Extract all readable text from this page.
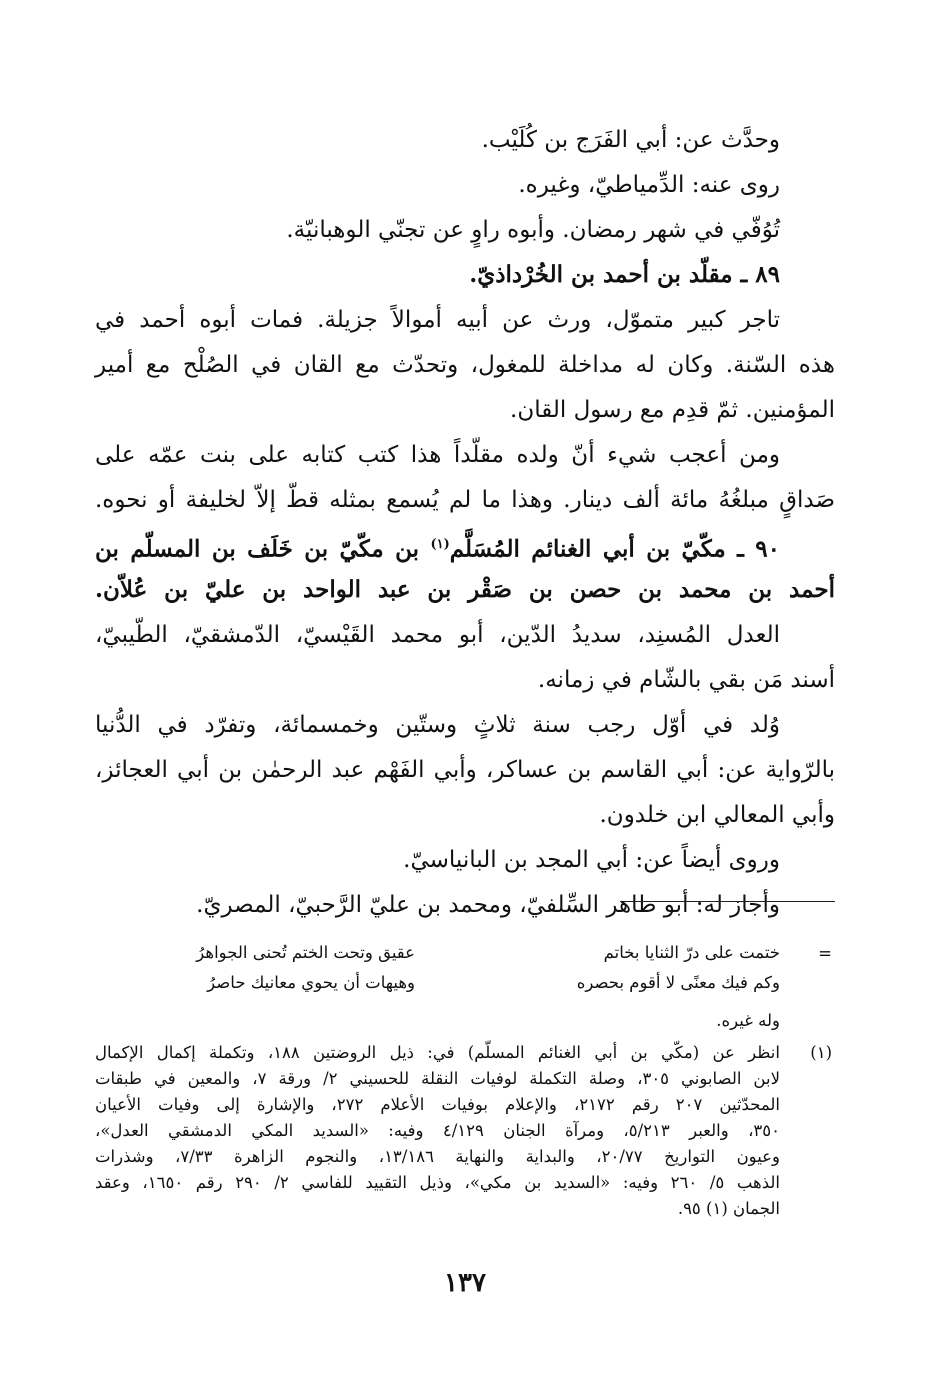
وحدَّث عن: أبي الفَرَج بن كُلَيْب.
روى عنه: الدِّمياطيّ، وغيره.
تُوُفّي في شهر رمضان. وأبوه راوٍ عن تجنّي الوهبانيّة.
٨٩ ـ مقلّد بن أحمد بن الخُرْداذيّ.
تاجر كبير متموّل، ورث عن أبيه أموالاً جزيلة. فمات أبوه أحمد في
هذه السّنة. وكان له مداخلة للمغول، وتحدّث مع القان في الصُلْح مع أمير
المؤمنين. ثمّ قدِم مع رسول القان.
ومن أعجب شيء أنّ ولده مقلّداً هذا كتب كتابه على بنت عمّه على
صَداقٍ مبلغُهُ مائة ألف دينار. وهذا ما لم يُسمع بمثله قطّ إلاّ لخليفة أو نحوه.
٩٠ ـ مكّيّ بن أبي الغنائم المُسَلَّم$^{(١)}$ بن مكّيّ بن خَلَف بن المسلّم بن
أحمد بن محمد بن حصن بن صَقْر بن عبد الواحد بن عليّ بن عُلاّن.
العدل المُسنِد، سديدُ الدّين، أبو محمد القَيْسيّ، الدّمشقيّ، الطّيبيّ،
أسند مَن بقي بالشّام في زمانه.
وُلد في أوّل رجب سنة ثلاثٍ وستّين وخمسمائة، وتفرّد في الدُّنيا
بالرّواية عن: أبي القاسم بن عساكر، وأبي الفَهْم عبد الرحمٰن بن أبي العجائز،
وأبي المعالي ابن خلدون.
وروى أيضاً عن: أبي المجد بن البانياسيّ.
وأجاز له: أبو طاهر السِّلفيّ، ومحمد بن عليّ الرَّحبيّ، المصريّ.
=
ختمت على درّ الثنايا بخاتم
عقيق وتحت الختم تُحنى الجواهرُ
وكم فيك معنًى لا أقوم بحصره
وهيهات أن يحوي معانيك حاصرُ
وله غيره.
(١)
انظر عن (مكّي بن أبي الغنائم المسلّم) في: ذيل الروضتين ١٨٨، وتكملة إكمال الإكمال
لابن الصابوني ٣٠٥، وصلة التكملة لوفيات النقلة للحسيني ٢/ ورقة ٧، والمعين في طبقات
المحدّثين ٢٠٧ رقم ٢١٧٢، والإعلام بوفيات الأعلام ٢٧٢، والإشارة إلى وفيات الأعيان
٣٥٠، والعبر ٥/٢١٣، ومرآة الجنان ٤/١٢٩ وفيه: «السديد المكي الدمشقي العدل»،
وعيون التواريخ ٢٠/٧٧، والبداية والنهاية ١٣/١٨٦، والنجوم الزاهرة ٧/٣٣، وشذرات
الذهب ٥/ ٢٦٠ وفيه: «السديد بن مكي»، وذيل التقييد للفاسي ٢/ ٢٩٠ رقم ١٦٥٠، وعقد
الجمان (١) ٩٥.
١٣٧
